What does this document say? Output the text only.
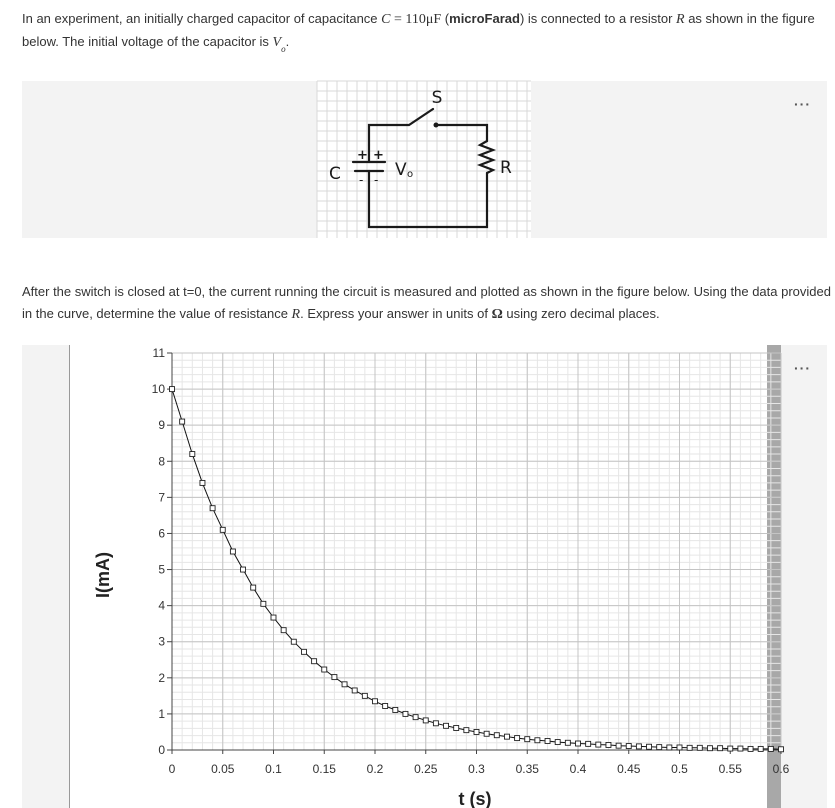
In an experiment, an initially charged capacitor of capacitance C = 110μF (microFarad) is connected to a resistor R as shown in the figure below. The initial voltage of the capacitor is $V_o$.
···
S
C
+ +
- - V o	R
After the switch is closed at t=0, the current running the circuit is measured and plotted as shown in the figure below. Using the data provided in the curve, determine the value of resistance R. Express your answer in units of Ω using zero decimal places.
···
0
1
2
3
4
5
6
7
8
9
10
11
0	0.05	0.1	0.15	0.2	0.25	0.3	0.35	0.4	0.45	0.5	0.55	0.6
I(mA)
t (s)
